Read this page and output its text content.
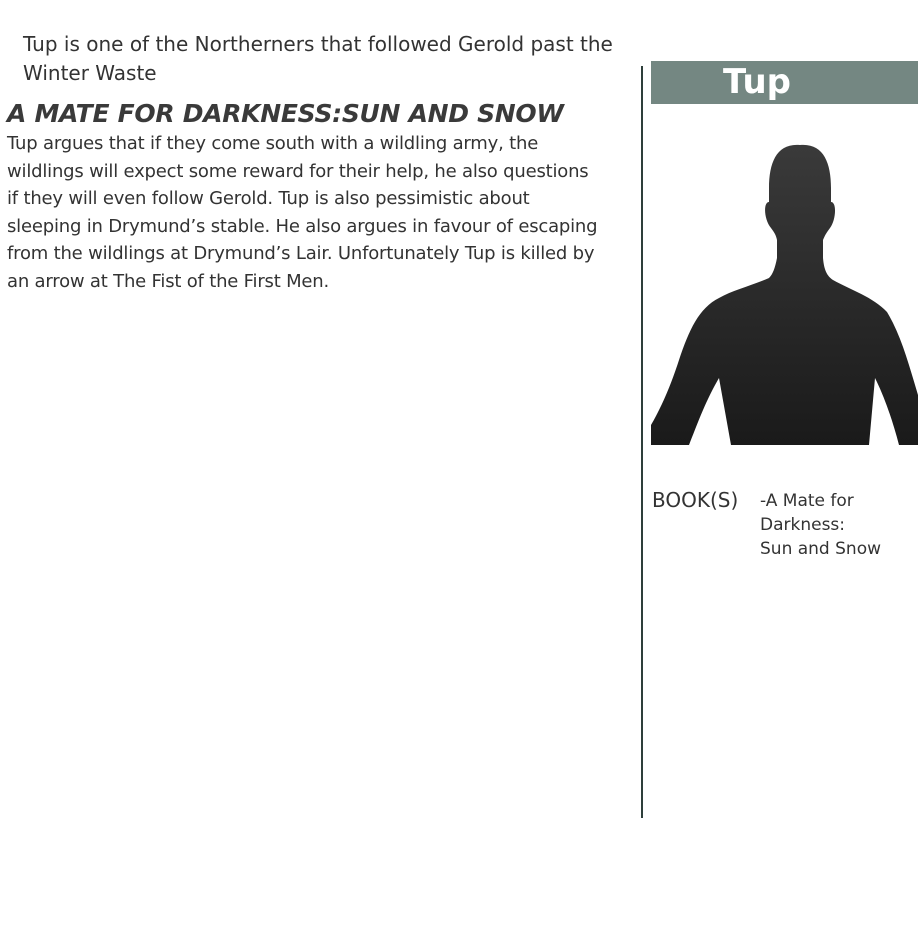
Tup is one of the Northerners that followed Gerold past the Winter Waste

A MATE FOR DARKNESS:SUN AND SNOW

Tup argues that if they come south with a wildling army, the wildlings will expect some reward for their help, he also questions if they will even follow Gerold. Tup is also pessimistic about sleeping in Drymund’s stable. He also argues in favour of escaping from the wildlings at Drymund’s Lair. Unfortunately Tup is killed by an arrow at The Fist of the First Men.

Tup

BOOK(S) -A Mate for
Darkness:
Sun and Snow
